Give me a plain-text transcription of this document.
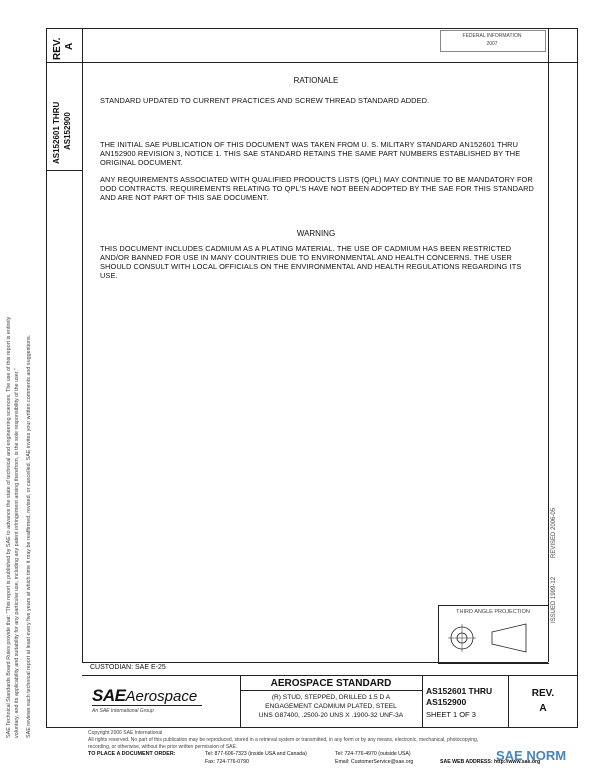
SAE Technical Standards Board Rules provide that: "This report is published by SAE to advance the state of technical and engineering sciences. The use of this report is entirely voluntary, and its applicability and suitability for any particular use, including any patent infringement arising therefrom, is the sole responsibility of the user." SAE reviews each technical report at least every five years at which time it may be reaffirmed, revised, or cancelled. SAE invites your written comments and suggestions.
FEDERAL INFORMATION
2007
REV. A
AS152601 THRU AS152900
ISSUED 1999-12
REVISED 2006-05
RATIONALE
STANDARD UPDATED TO CURRENT PRACTICES AND SCREW THREAD STANDARD ADDED.
THE INITIAL SAE PUBLICATION OF THIS DOCUMENT WAS TAKEN FROM U. S. MILITARY STANDARD AN152601 THRU AN152900 REVISION 3, NOTICE 1. THIS SAE STANDARD RETAINS THE SAME PART NUMBERS ESTABLISHED BY THE ORIGINAL DOCUMENT.
ANY REQUIREMENTS ASSOCIATED WITH QUALIFIED PRODUCTS LISTS (QPL) MAY CONTINUE TO BE MANDATORY FOR DOD CONTRACTS. REQUIREMENTS RELATING TO QPL'S HAVE NOT BEEN ADOPTED BY THE SAE FOR THIS STANDARD AND ARE NOT PART OF THIS SAE DOCUMENT.
WARNING
THIS DOCUMENT INCLUDES CADMIUM AS A PLATING MATERIAL. THE USE OF CADMIUM HAS BEEN RESTRICTED AND/OR BANNED FOR USE IN MANY COUNTRIES DUE TO ENVIRONMENTAL AND HEALTH CONCERNS. THE USER SHOULD CONSULT WITH LOCAL OFFICIALS ON THE ENVIRONMENTAL AND HEALTH REGULATIONS REGARDING ITS USE.
THIRD ANGLE PROJECTION
CUSTODIAN: SAE E-25
SAEAerospace
An SAE International Group
AEROSPACE STANDARD
(R) STUD, STEPPED, DRILLED 1.5 D A
ENGAGEMENT CADMIUM PLATED, STEEL
UNS G87400, .2500-20 UNS X .1900-32 UNF-3A
AS152601 THRU
AS152900
SHEET 1 OF 3
REV.
A
Copyright 2006 SAE International
All rights reserved. No part of this publication may be reproduced, stored in a retrieval system or transmitted, in any form or by any means, electronic, mechanical, photocopying,
recording, or otherwise, without the prior written permission of SAE.
TO PLACE A DOCUMENT ORDER:	Tel: 877-606-7323 (inside USA and Canada)	Tel: 724-776-4970 (outside USA)
Fax: 724-776-0790	Email: CustomerService@sae.org	SAE WEB ADDRESS: http://www.sae.org
SAE NORM
